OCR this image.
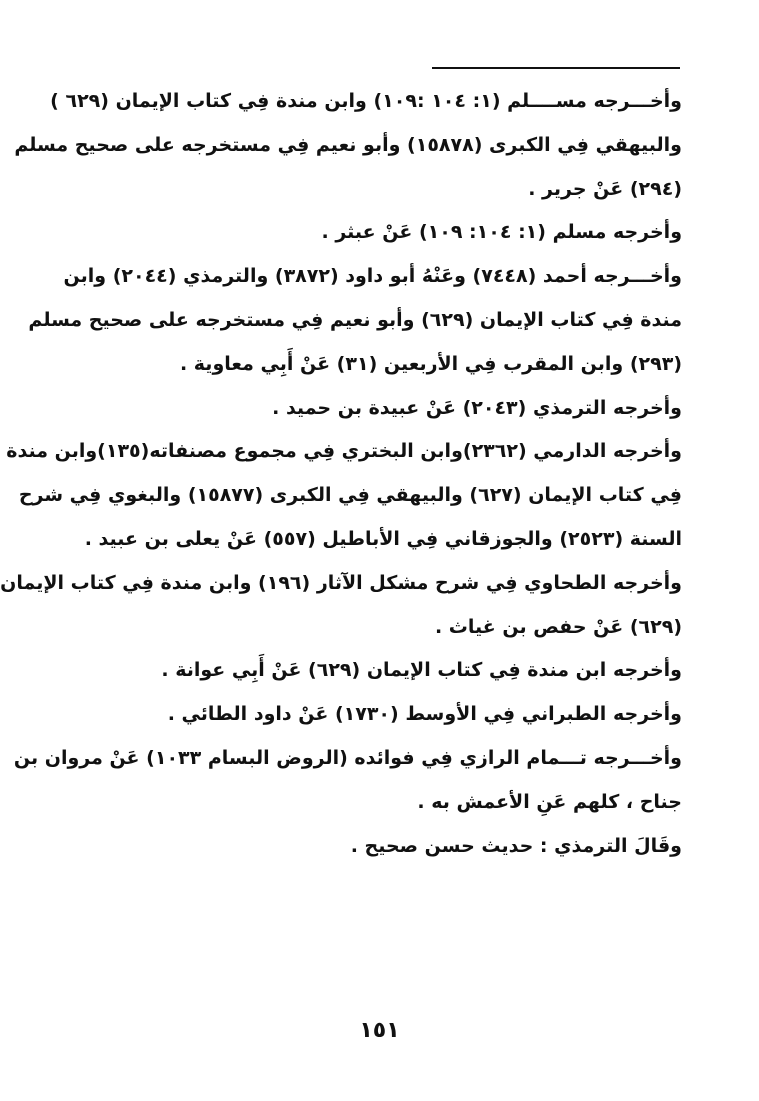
وأخـــرجه مســــلم (١: ١٠٤ :١٠٩) وابن مندة فِي كتاب الإيمان (٦٢٩ )
والبيهقي فِي الكبرى (١٥٨٧٨) وأبو نعيم فِي مستخرجه على صحيح مسلم
(٢٩٤) عَنْ جرير .
وأخرجه مسلم (١: ١٠٤: ١٠٩) عَنْ عبثر .
وأخـــرجه أحمد (٧٤٤٨) وعَنْهُ أبو داود (٣٨٧٢) والترمذي (٢٠٤٤) وابن
مندة فِي كتاب الإيمان (٦٢٩) وأبو نعيم فِي مستخرجه على صحيح مسلم
(٢٩٣) وابن المقرب فِي الأربعين (٣١) عَنْ أَبِي معاوية .
وأخرجه الترمذي (٢٠٤٣) عَنْ عبيدة بن حميد .
وأخرجه الدارمي (٢٣٦٢)وابن البختري فِي مجموع مصنفاته(١٣٥)وابن مندة
فِي كتاب الإيمان (٦٢٧) والبيهقي فِي الكبرى (١٥٨٧٧) والبغوي فِي شرح
السنة (٢٥٢٣) والجوزقاني فِي الأباطيل (٥٥٧) عَنْ يعلى بن عبيد .
وأخرجه الطحاوي فِي شرح مشكل الآثار (١٩٦) وابن مندة فِي كتاب الإيمان
(٦٢٩) عَنْ حفص بن غياث .
وأخرجه ابن مندة فِي كتاب الإيمان (٦٢٩) عَنْ أَبِي عوانة .
وأخرجه الطبراني فِي الأوسط (١٧٣٠) عَنْ داود الطائي .
وأخـــرجه تـــمام الرازي فِي فوائده (الروض البسام ١٠٣٣) عَنْ مروان بن
جناح ، كلهم عَنِ الأعمش به .
وقَالَ الترمذي : حديث حسن صحيح .
١٥١
